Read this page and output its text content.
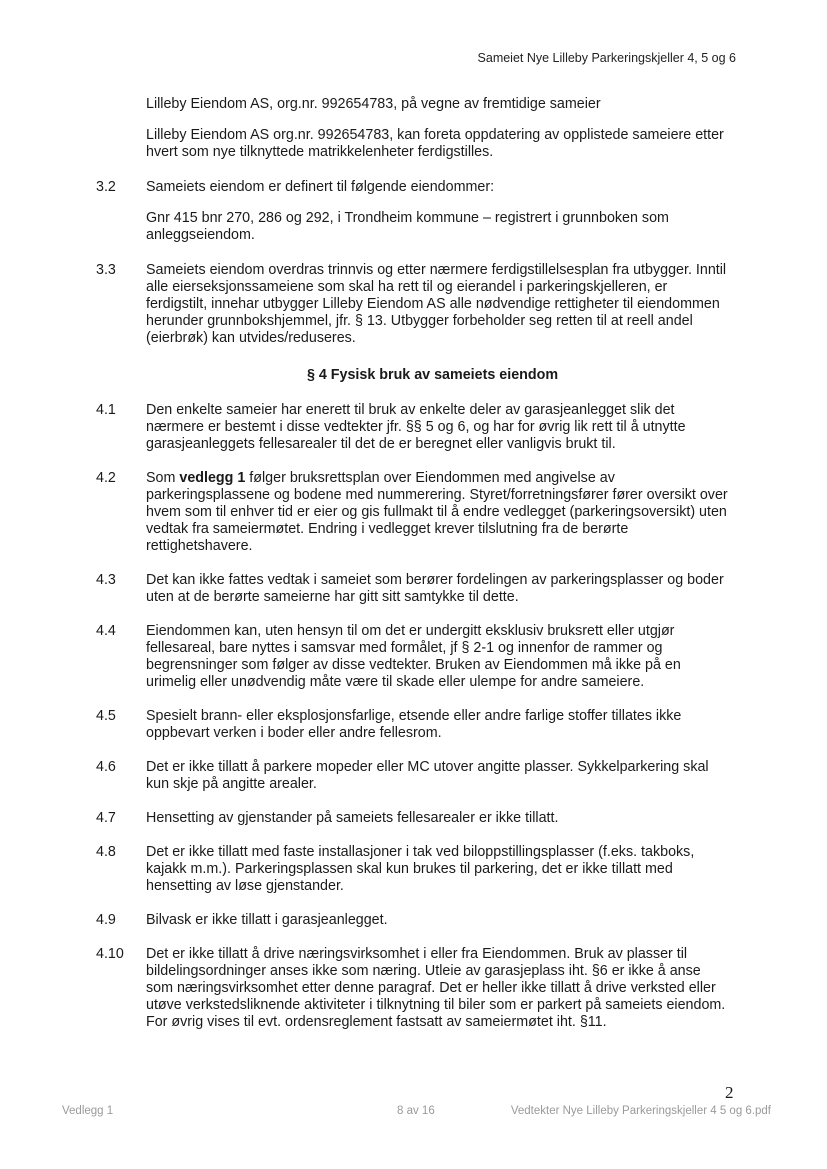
Sameiet Nye Lilleby Parkeringskjeller 4, 5 og 6

Lilleby Eiendom AS, org.nr. 992654783, på vegne av fremtidige sameier

Lilleby Eiendom AS org.nr. 992654783, kan foreta oppdatering av opplistede sameiere etter hvert som nye tilknyttede matrikkelenheter ferdigstilles.

3.2 Sameiets eiendom er definert til følgende eiendommer:
Gnr 415 bnr 270, 286 og 292, i Trondheim kommune – registrert i grunnboken som anleggseiendom.
3.3 Sameiets eiendom overdras trinnvis og etter nærmere ferdigstillelsesplan fra utbygger. Inntil alle eierseksjonssameiene som skal ha rett til og eierandel i parkeringskjelleren, er ferdigstilt, innehar utbygger Lilleby Eiendom AS alle nødvendige rettigheter til eiendommen herunder grunnbokshjemmel, jfr. § 13. Utbygger forbeholder seg retten til at reell andel (eierbrøk) kan utvides/reduseres.

§ 4 Fysisk bruk av sameiets eiendom

4.1 Den enkelte sameier har enerett til bruk av enkelte deler av garasjeanlegget slik det nærmere er bestemt i disse vedtekter jfr. §§ 5 og 6, og har for øvrig lik rett til å utnytte garasjeanleggets fellesarealer til det de er beregnet eller vanligvis brukt til.
4.2 Som vedlegg 1 følger bruksrettsplan over Eiendommen med angivelse av parkeringsplassene og bodene med nummerering. Styret/forretningsfører fører oversikt over hvem som til enhver tid er eier og gis fullmakt til å endre vedlegget (parkeringsoversikt) uten vedtak fra sameiermøtet. Endring i vedlegget krever tilslutning fra de berørte rettighetshavere.
4.3 Det kan ikke fattes vedtak i sameiet som berører fordelingen av parkeringsplasser og boder uten at de berørte sameierne har gitt sitt samtykke til dette.
4.4 Eiendommen kan, uten hensyn til om det er undergitt eksklusiv bruksrett eller utgjør fellesareal, bare nyttes i samsvar med formålet, jf § 2-1 og innenfor de rammer og begrensninger som følger av disse vedtekter. Bruken av Eiendommen må ikke på en urimelig eller unødvendig måte være til skade eller ulempe for andre sameiere.
4.5 Spesielt brann- eller eksplosjonsfarlige, etsende eller andre farlige stoffer tillates ikke oppbevart verken i boder eller andre fellesrom.
4.6 Det er ikke tillatt å parkere mopeder eller MC utover angitte plasser. Sykkelparkering skal kun skje på angitte arealer.
4.7 Hensetting av gjenstander på sameiets fellesarealer er ikke tillatt.
4.8 Det er ikke tillatt med faste installasjoner i tak ved biloppstillingsplasser (f.eks. takboks, kajakk m.m.). Parkeringsplassen skal kun brukes til parkering, det er ikke tillatt med hensetting av løse gjenstander.
4.9 Bilvask er ikke tillatt i garasjeanlegget.
4.10 Det er ikke tillatt å drive næringsvirksomhet i eller fra Eiendommen. Bruk av plasser til bildelingsordninger anses ikke som næring. Utleie av garasjeplass iht. §6 er ikke å anse som næringsvirksomhet etter denne paragraf. Det er heller ikke tillatt å drive verksted eller utøve verkstedsliknende aktiviteter i tilknytning til biler som er parkert på sameiets eiendom. For øvrig vises til evt. ordensreglement fastsatt av sameiermøtet iht. §11.
2
Vedlegg 1	8 av 16	Vedtekter Nye Lilleby Parkeringskjeller 4 5 og 6.pdf
